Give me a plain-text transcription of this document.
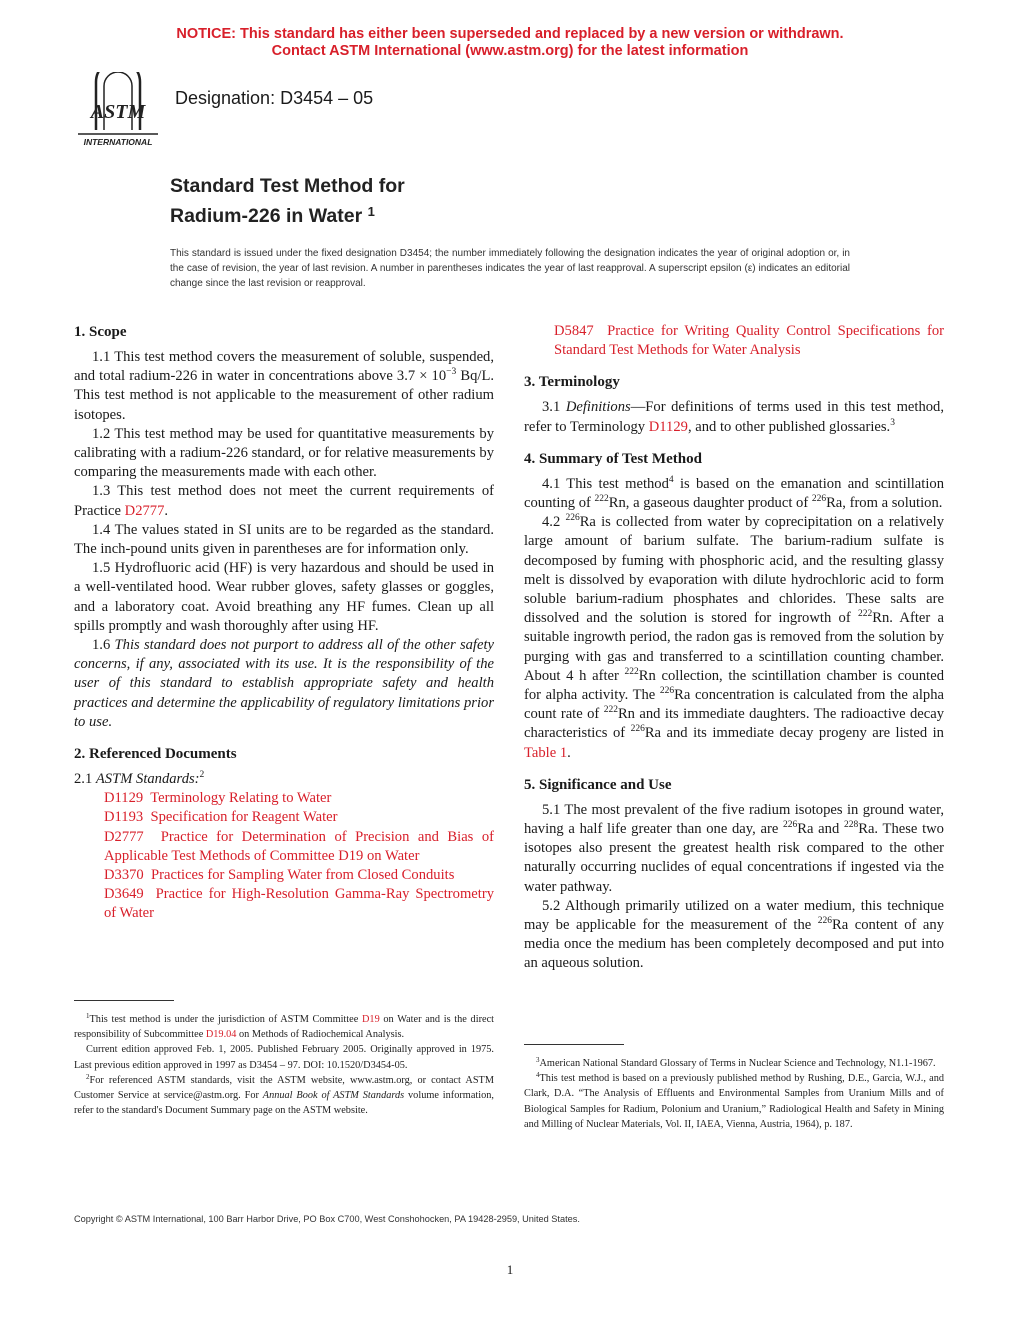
NOTICE: This standard has either been superseded and replaced by a new version or withdrawn.
Contact ASTM International (www.astm.org) for the latest information
ASTM
INTERNATIONAL
Designation: D3454 – 05
Standard Test Method for
Radium-226 in Water $^1$
This standard is issued under the fixed designation D3454; the number immediately following the designation indicates the year of original adoption or, in the case of revision, the year of last revision. A number in parentheses indicates the year of last reapproval. A superscript epsilon (ε) indicates an editorial change since the last revision or reapproval.
1. Scope

1.1 This test method covers the measurement of soluble, suspended, and total radium-226 in water in concentrations above $3.7 \times 10^{-3}$ Bq/L. This test method is not applicable to the measurement of other radium isotopes.

1.2 This test method may be used for quantitative measurements by calibrating with a radium-226 standard, or for relative measurements by comparing the measurements made with each other.

1.3 This test method does not meet the current requirements of Practice D2777.

1.4 The values stated in SI units are to be regarded as the standard. The inch-pound units given in parentheses are for information only.

1.5 Hydrofluoric acid (HF) is very hazardous and should be used in a well-ventilated hood. Wear rubber gloves, safety glasses or goggles, and a laboratory coat. Avoid breathing any HF fumes. Clean up all spills promptly and wash thoroughly after using HF.

1.6 This standard does not purport to address all of the other safety concerns, if any, associated with its use. It is the responsibility of the user of this standard to establish appropriate safety and health practices and determine the applicability of regulatory limitations prior to use.

2. Referenced Documents

2.1 ASTM Standards:$^2$

D1129 Terminology Relating to Water

D1193 Specification for Reagent Water

D2777 Practice for Determination of Precision and Bias of Applicable Test Methods of Committee D19 on Water

D3370 Practices for Sampling Water from Closed Conduits

D3649 Practice for High-Resolution Gamma-Ray Spectrometry of Water

D5847 Practice for Writing Quality Control Specifications for Standard Test Methods for Water Analysis

3. Terminology

3.1 Definitions—For definitions of terms used in this test method, refer to Terminology D1129, and to other published glossaries.$^3$

4. Summary of Test Method

4.1 This test method$^4$ is based on the emanation and scintillation counting of $^{222}$Rn, a gaseous daughter product of $^{226}$Ra, from a solution.

4.2 $^{226}$Ra is collected from water by coprecipitation on a relatively large amount of barium sulfate. The barium-radium sulfate is decomposed by fuming with phosphoric acid, and the resulting glassy melt is dissolved by evaporation with dilute hydrochloric acid to form soluble barium-radium phosphates and chlorides. These salts are dissolved and the solution is stored for ingrowth of $^{222}$Rn. After a suitable ingrowth period, the radon gas is removed from the solution by purging with gas and transferred to a scintillation counting chamber. About 4 h after $^{222}$Rn collection, the scintillation chamber is counted for alpha activity. The $^{226}$Ra concentration is calculated from the alpha count rate of $^{222}$Rn and its immediate daughters. The radioactive decay characteristics of $^{226}$Ra and its immediate decay progeny are listed in Table 1.

5. Significance and Use

5.1 The most prevalent of the five radium isotopes in ground water, having a half life greater than one day, are $^{226}$Ra and $^{228}$Ra. These two isotopes also present the greatest health risk compared to the other naturally occurring nuclides of equal concentrations if ingested via the water pathway.

5.2 Although primarily utilized on a water medium, this technique may be applicable for the measurement of the $^{226}$Ra content of any media once the medium has been completely decomposed and put into an aqueous solution.

$^1$This test method is under the jurisdiction of ASTM Committee D19 on Water and is the direct responsibility of Subcommittee D19.04 on Methods of Radiochemical Analysis.

Current edition approved Feb. 1, 2005. Published February 2005. Originally approved in 1975. Last previous edition approved in 1997 as D3454 – 97. DOI: 10.1520/D3454-05.

$^2$For referenced ASTM standards, visit the ASTM website, www.astm.org, or contact ASTM Customer Service at service@astm.org. For Annual Book of ASTM Standards volume information, refer to the standard's Document Summary page on the ASTM website.

$^3$American National Standard Glossary of Terms in Nuclear Science and Technology, N1.1-1967.

$^4$This test method is based on a previously published method by Rushing, D.E., Garcia, W.J., and Clark, D.A. “The Analysis of Effluents and Environmental Samples from Uranium Mills and of Biological Samples for Radium, Polonium and Uranium,” Radiological Health and Safety in Mining and Milling of Nuclear Materials, Vol. II, IAEA, Vienna, Austria, 1964), p. 187.

Copyright © ASTM International, 100 Barr Harbor Drive, PO Box C700, West Conshohocken, PA 19428-2959, United States.
1
